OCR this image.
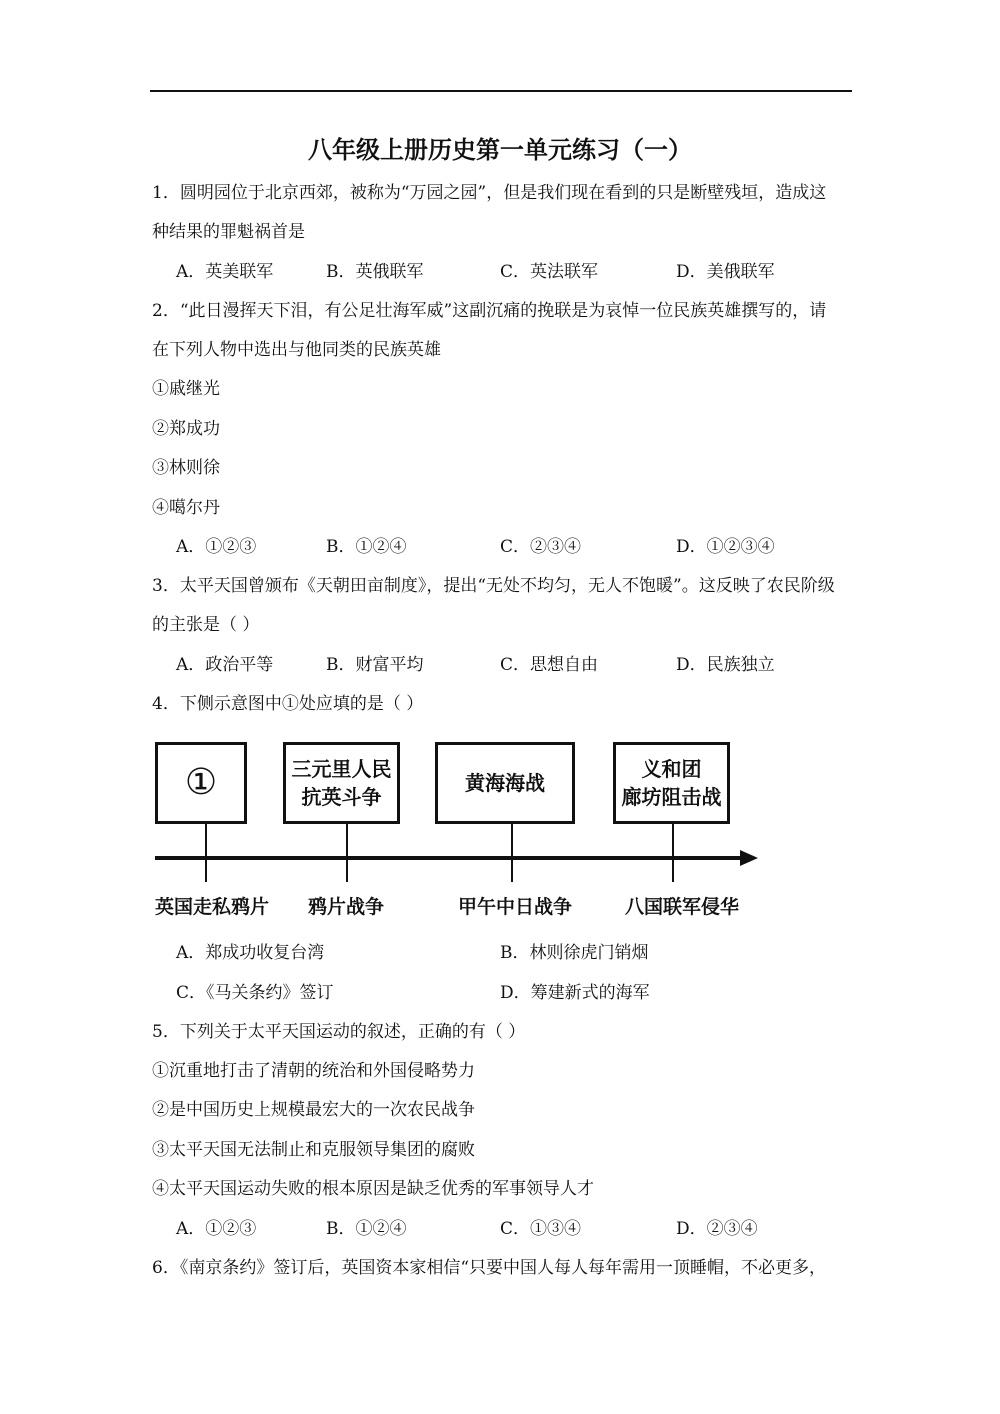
八年级上册历史第一单元练习（一）
1．圆明园位于北京西郊，被称为“万园之园”，但是我们现在看到的只是断壁残垣，造成这
种结果的罪魁祸首是
A．英美联军	B．英俄联军	C．英法联军	D．美俄联军
2．“此日漫挥天下泪，有公足壮海军威”这副沉痛的挽联是为哀悼一位民族英雄撰写的，请
在下列人物中选出与他同类的民族英雄
①戚继光
②郑成功
③林则徐
④噶尔丹
A．①②③	B．①②④	C．②③④	D．①②③④
3．太平天国曾颁布《天朝田亩制度》，提出“无处不均匀，无人不饱暖”。这反映了农民阶级
的主张是（ ）
A．政治平等	B．财富平均	C．思想自由	D．民族独立
4．下侧示意图中①处应填的是（ ）
①	三元里人民
抗英斗争
黄海海战
义和团
廊坊阻击战
英国走私鸦片 鸦片战争	甲午中日战争	八国联军侵华
A．郑成功收复台湾	B．林则徐虎门销烟
C．《马关条约》签订	D．筹建新式的海军
5．下列关于太平天国运动的叙述，正确的有（ ）
①沉重地打击了清朝的统治和外国侵略势力
②是中国历史上规模最宏大的一次农民战争
③太平天国无法制止和克服领导集团的腐败
④太平天国运动失败的根本原因是缺乏优秀的军事领导人才
A．①②③	B．①②④	C．①③④	D．②③④
6．《南京条约》签订后，英国资本家相信“只要中国人每人每年需用一顶睡帽，不必更多，
